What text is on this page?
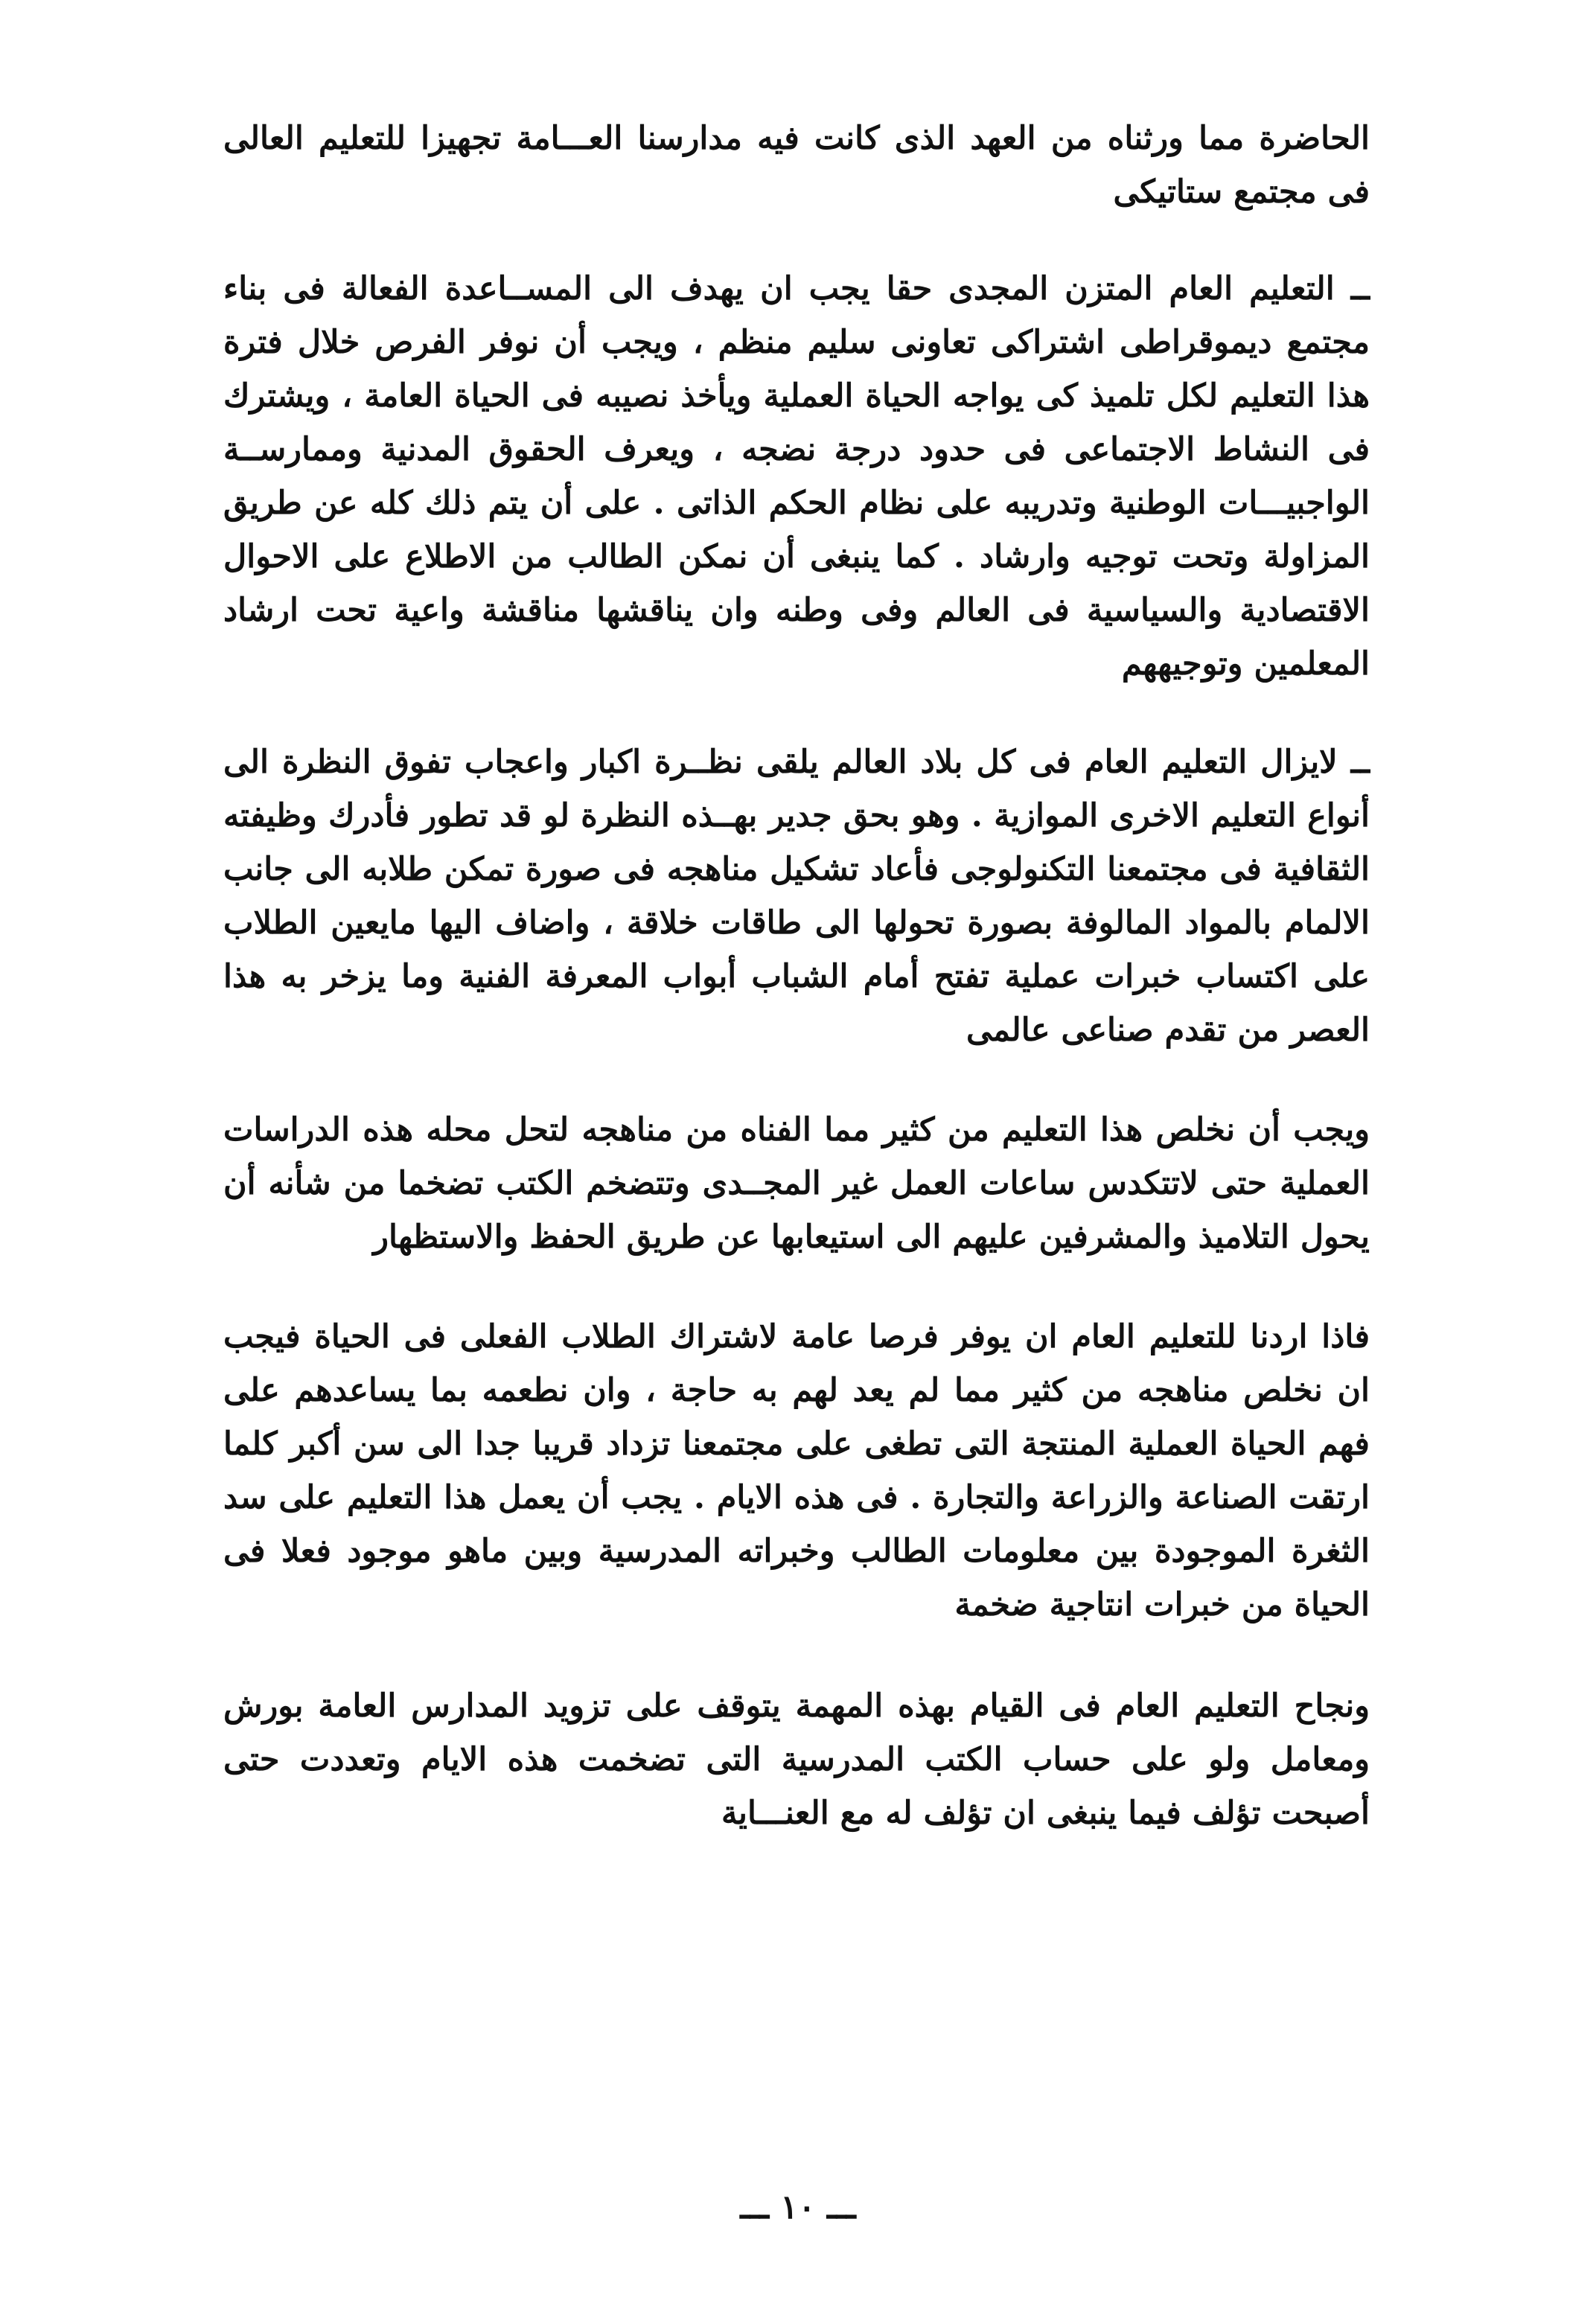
الحاضرة مما ورثناه من العهد الذى كانت فيه مدارسنا العـــامة تجهيزا للتعليم العالى فى مجتمع ستاتيكى

ــ التعليم العام المتزن المجدى حقا يجب ان يهدف الى المســاعدة الفعالة فى بناء مجتمع ديموقراطى اشتراكى تعاونى سليم منظم ، ويجب أن نوفر الفرص خلال فترة هذا التعليم لكل تلميذ كى يواجه الحياة العملية ويأخذ نصيبه فى الحياة العامة ، ويشترك فى النشاط الاجتماعى فى حدود درجة نضجه ، ويعرف الحقوق المدنية وممارســة الواجبيـــات الوطنية وتدريبه على نظام الحكم الذاتى . على أن يتم ذلك كله عن طريق المزاولة وتحت توجيه وارشاد . كما ينبغى أن نمكن الطالب من الاطلاع على الاحوال الاقتصادية والسياسية فى العالم وفى وطنه وان يناقشها مناقشة واعية تحت ارشاد المعلمين وتوجيههم

ــ لايزال التعليم العام فى كل بلاد العالم يلقى نظــرة اكبار واعجاب تفوق النظرة الى أنواع التعليم الاخرى الموازية . وهو بحق جدير بهــذه النظرة لو قد تطور فأدرك وظيفته الثقافية فى مجتمعنا التكنولوجى فأعاد تشكيل مناهجه فى صورة تمكن طلابه الى جانب الالمام بالمواد المالوفة بصورة تحولها الى طاقات خلاقة ، واضاف اليها مايعين الطلاب على اكتساب خبرات عملية تفتح أمام الشباب أبواب المعرفة الفنية وما يزخر به هذا العصر من تقدم صناعى عالمى

ويجب أن نخلص هذا التعليم من كثير مما الفناه من مناهجه لتحل محله هذه الدراسات العملية حتى لاتتكدس ساعات العمل غير المجــدى وتتضخم الكتب تضخما من شأنه أن يحول التلاميذ والمشرفين عليهم الى استيعابها عن طريق الحفظ والاستظهار

فاذا اردنا للتعليم العام ان يوفر فرصا عامة لاشتراك الطلاب الفعلى فى الحياة فيجب ان نخلص مناهجه من كثير مما لم يعد لهم به حاجة ، وان نطعمه بما يساعدهم على فهم الحياة العملية المنتجة التى تطغى على مجتمعنا تزداد قريبا جدا الى سن أكبر كلما ارتقت الصناعة والزراعة والتجارة . فى هذه الايام . يجب أن يعمل هذا التعليم على سد الثغرة الموجودة بين معلومات الطالب وخبراته المدرسية وبين ماهو موجود فعلا فى الحياة من خبرات انتاجية ضخمة

ونجاح التعليم العام فى القيام بهذه المهمة يتوقف على تزويد المدارس العامة بورش ومعامل ولو على حساب الكتب المدرسية التى تضخمت هذه الايام وتعددت حتى أصبحت تؤلف فيما ينبغى ان تؤلف له مع العنـــاية

ـــ ١٠ ـــ
